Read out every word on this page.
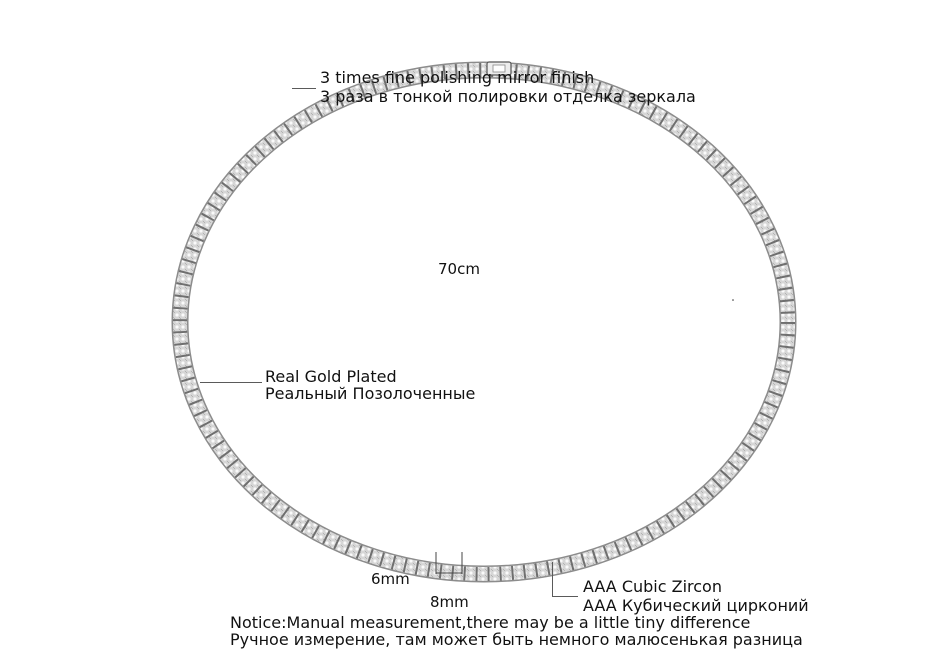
3 times fine polishing mirror finish
3 раза в тонкой полировки отделка зеркала
70cm
Real Gold Plated
Реальный Позолоченные
6mm
8mm
AAA Cubic Zircon
AAA Кубический цирконий
Notice:Manual measurement,there may be a little tiny difference
Ручное измерение, там может быть немного малюсенькая разница
